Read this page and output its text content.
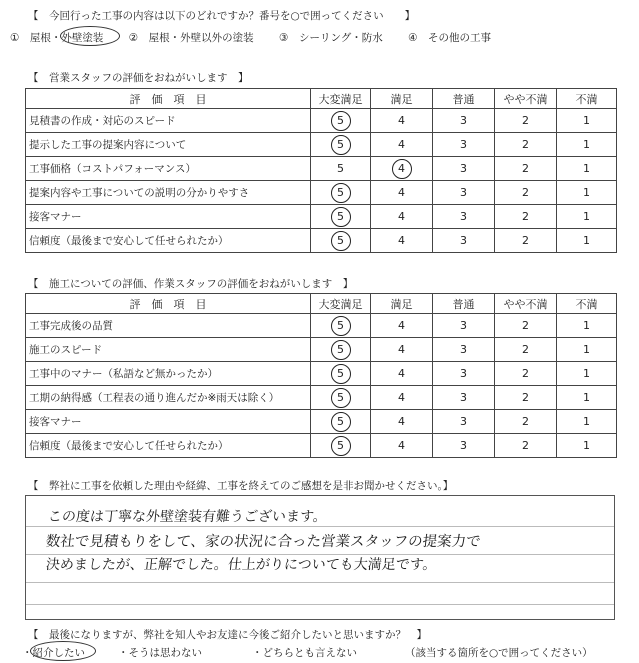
【　今回行った工事の内容は以下のどれですか？番号を○で囲ってください　　】
①　屋根・外壁塗装 ②　屋根・外壁以外の塗装 ③　シーリング・防水 ④　その他の工事
【　営業スタッフの評価をおねがいします　】
評　価　項　目	大変満足	満足	普通	やや不満	不満
見積書の作成・対応のスピード	5	4	3	2	1
提示した工事の提案内容について	5	4	3	2	1
工事価格（コストパフォーマンス）	5	4	3	2	1
提案内容や工事についての説明の分かりやすさ	5	4	3	2	1
接客マナー	5	4	3	2	1
信頼度（最後まで安心して任せられたか）	5	4	3	2	1
【　施工についての評価、作業スタッフの評価をおねがいします　】
評　価　項　目	大変満足	満足	普通	やや不満	不満
工事完成後の品質	5	4	3	2	1
施工のスピード	5	4	3	2	1
工事中のマナー（私語など無かったか）	5	4	3	2	1
工期の納得感（工程表の通り進んだか※雨天は除く）	5	4	3	2	1
接客マナー	5	4	3	2	1
信頼度（最後まで安心して任せられたか）	5	4	3	2	1
【　弊社に工事を依頼した理由や経緯、工事を終えてのご感想を是非お聞かせください。】
この度は丁寧な外壁塗装有難うございます。
数社で見積もりをして、家の状況に合った営業スタッフの提案力で
決めましたが、正解でした。仕上がりについても大満足です。
【　最後になりますが、弊社を知人やお友達に今後ご紹介したいと思いますか？　】
・紹介したい	・そうは思わない	・どちらとも言えない	（該当する箇所を○で囲ってください）
